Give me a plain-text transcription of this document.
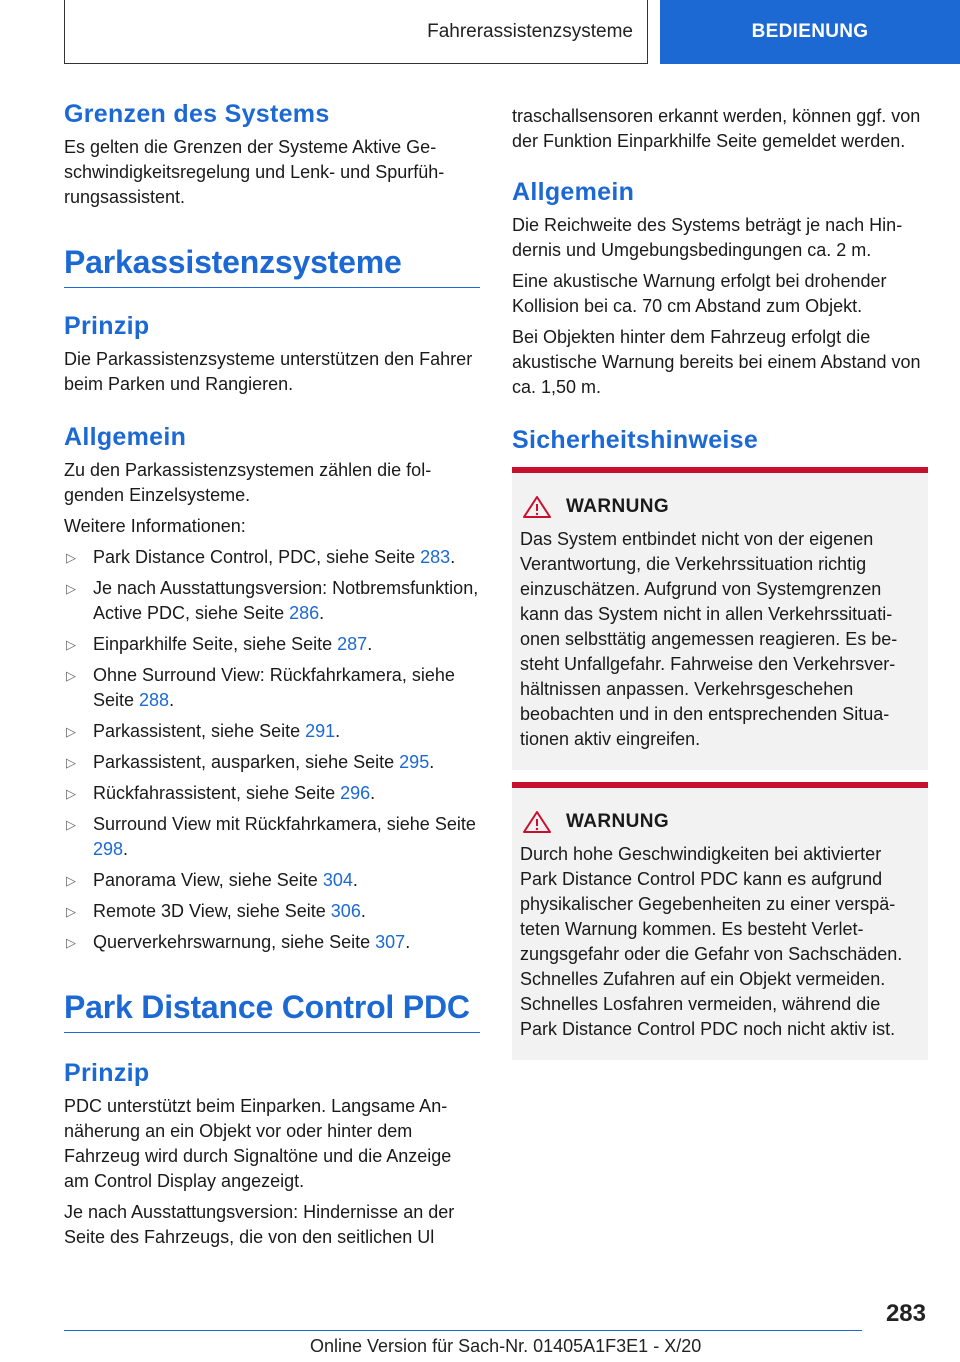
Fahrerassistenzsysteme	BEDIENUNG
Grenzen des Systems

Es gelten die Grenzen der Systeme Aktive Geschwindigkeitsregelung und Lenk- und Spurführungsassistent.

Parkassistenzsysteme
Prinzip

Die Parkassistenzsysteme unterstützen den Fahrer beim Parken und Rangieren.

Allgemein

Zu den Parkassistenzsystemen zählen die folgenden Einzelsysteme.

Weitere Informationen:

▷ Park Distance Control, PDC, siehe Seite 283.
▷ Je nach Ausstattungsversion: Notbremsfunktion, Active PDC, siehe Seite 286.
▷ Einparkhilfe Seite, siehe Seite 287.
▷ Ohne Surround View: Rückfahrkamera, siehe Seite 288.
▷ Parkassistent, siehe Seite 291.
▷ Parkassistent, ausparken, siehe Seite 295.
▷ Rückfahrassistent, siehe Seite 296.
▷ Surround View mit Rückfahrkamera, siehe Seite 298.
▷ Panorama View, siehe Seite 304.
▷ Remote 3D View, siehe Seite 306.
▷ Querverkehrswarnung, siehe Seite 307.
Park Distance Control PDC
Prinzip

PDC unterstützt beim Einparken. Langsame Annäherung an ein Objekt vor oder hinter dem Fahrzeug wird durch Signaltöne und die Anzeige am Control Display angezeigt.

Je nach Ausstattungsversion: Hindernisse an der Seite des Fahrzeugs, die von den seitlichen Ul

traschallsensoren erkannt werden, können ggf. von der Funktion Einparkhilfe Seite gemeldet werden.

Allgemein

Die Reichweite des Systems beträgt je nach Hindernis und Umgebungsbedingungen ca. 2 m.

Eine akustische Warnung erfolgt bei drohender Kollision bei ca. 70 cm Abstand zum Objekt.

Bei Objekten hinter dem Fahrzeug erfolgt die akustische Warnung bereits bei einem Abstand von ca. 1,50 m.

Sicherheitshinweise
WARNUNG

Das System entbindet nicht von der eigenen Verantwortung, die Verkehrssituation richtig einzuschätzen. Aufgrund von Systemgrenzen kann das System nicht in allen Verkehrssituationen selbsttätig angemessen reagieren. Es besteht Unfallgefahr. Fahrweise den Verkehrsverhältnissen anpassen. Verkehrsgeschehen beobachten und in den entsprechenden Situationen aktiv eingreifen.

WARNUNG

Durch hohe Geschwindigkeiten bei aktivierter Park Distance Control PDC kann es aufgrund physikalischer Gegebenheiten zu einer verspäteten Warnung kommen. Es besteht Verletzungsgefahr oder die Gefahr von Sachschäden. Schnelles Zufahren auf ein Objekt vermeiden. Schnelles Losfahren vermeiden, während die Park Distance Control PDC noch nicht aktiv ist.

283
Online Version für Sach-Nr. 01405A1F3E1 - X/20
